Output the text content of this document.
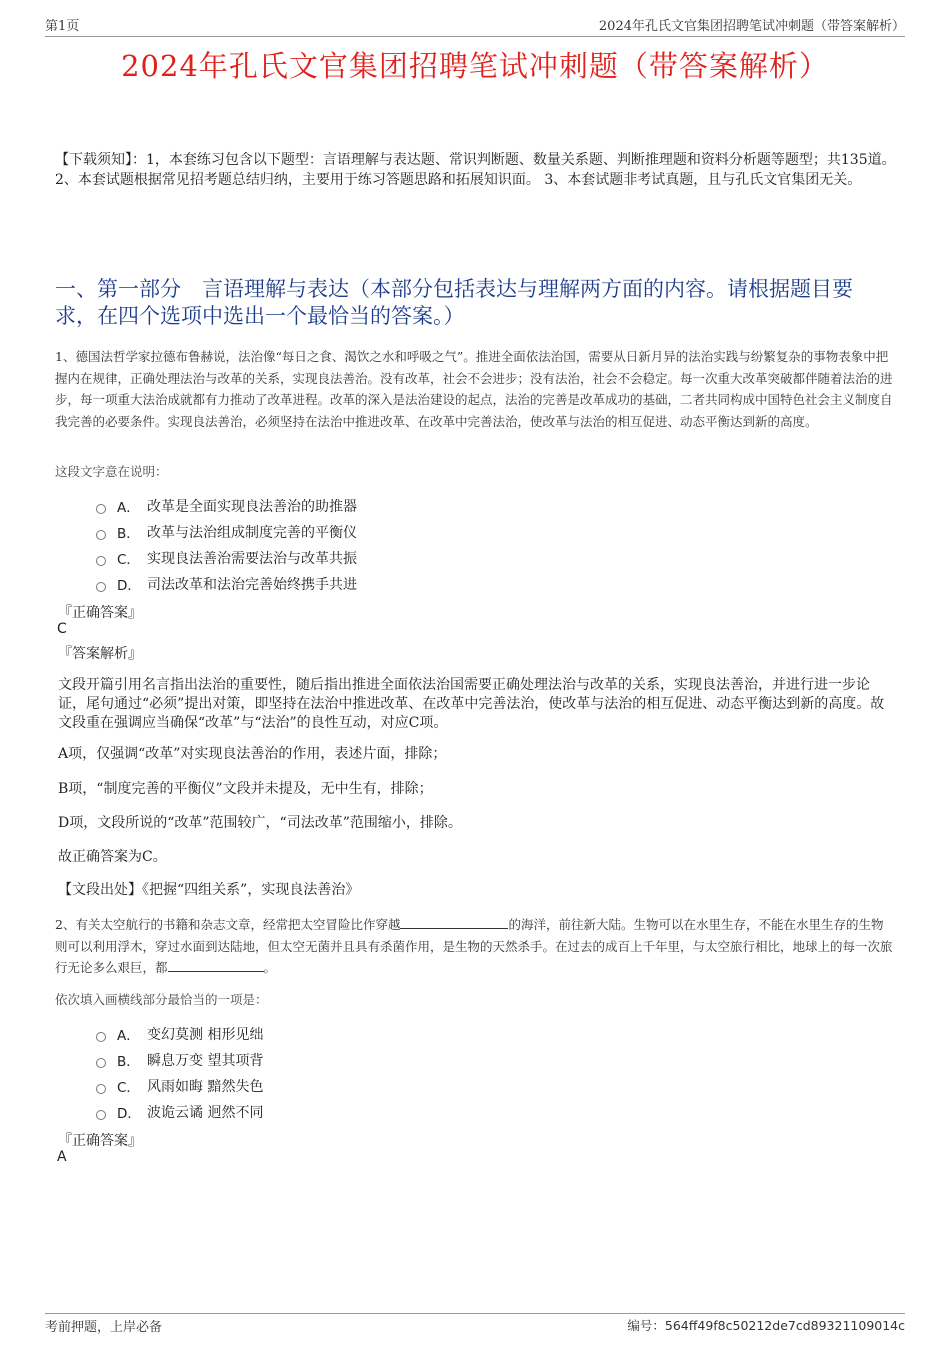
第1页	2024年孔氏文官集团招聘笔试冲刺题（带答案解析）
2024年孔氏文官集团招聘笔试冲刺题（带答案解析）
【下载须知】：1，本套练习包含以下题型：言语理解与表达题、常识判断题、数量关系题、判断推理题和资料分析题等题型；共135道。 2、本套试题根据常见招考题总结归纳，主要用于练习答题思路和拓展知识面。 3、本套试题非考试真题，且与孔氏文官集团无关。
一、第一部分　言语理解与表达（本部分包括表达与理解两方面的内容。请根据题目要求，在四个选项中选出一个最恰当的答案。）
1、德国法哲学家拉德布鲁赫说，法治像“每日之食、渴饮之水和呼吸之气”。推进全面依法治国，需要从日新月异的法治实践与纷繁复杂的事物表象中把握内在规律，正确处理法治与改革的关系，实现良法善治。没有改革，社会不会进步；没有法治，社会不会稳定。每一次重大改革突破都伴随着法治的进步，每一项重大法治成就都有力推动了改革进程。改革的深入是法治建设的起点，法治的完善是改革成功的基础，二者共同构成中国特色社会主义制度自我完善的必要条件。实现良法善治，必须坚持在法治中推进改革、在改革中完善法治，使改革与法治的相互促进、动态平衡达到新的高度。
这段文字意在说明：
A． 改革是全面实现良法善治的助推器
B． 改革与法治组成制度完善的平衡仪
C． 实现良法善治需要法治与改革共振
D． 司法改革和法治完善始终携手共进
『正确答案』
C
『答案解析』
文段开篇引用名言指出法治的重要性，随后指出推进全面依法治国需要正确处理法治与改革的关系，实现良法善治，并进行进一步论证，尾句通过“必须”提出对策，即坚持在法治中推进改革、在改革中完善法治，使改革与法治的相互促进、动态平衡达到新的高度。故文段重在强调应当确保“改革”与“法治”的良性互动，对应C项。
A项，仅强调“改革”对实现良法善治的作用，表述片面，排除；
B项，“制度完善的平衡仪”文段并未提及，无中生有，排除；
D项，文段所说的“改革”范围较广，“司法改革”范围缩小，排除。
故正确答案为C。
【文段出处】《把握“四组关系”，实现良法善治》
2、有关太空航行的书籍和杂志文章，经常把太空冒险比作穿越	的海洋，前往新大陆。生物可以在水里生存，不能在水里生存的生物则可以利用浮木，穿过水面到达陆地，但太空无菌并且具有杀菌作用，是生物的天然杀手。在过去的成百上千年里，与太空旅行相比，地球上的每一次旅行无论多么艰巨，都	。
依次填入画横线部分最恰当的一项是：
A． 变幻莫测 相形见绌
B． 瞬息万变 望其项背
C． 风雨如晦 黯然失色
D． 波诡云谲 迥然不同
『正确答案』
A
考前押题，上岸必备	编号：564ff49f8c50212de7cd89321109014c
